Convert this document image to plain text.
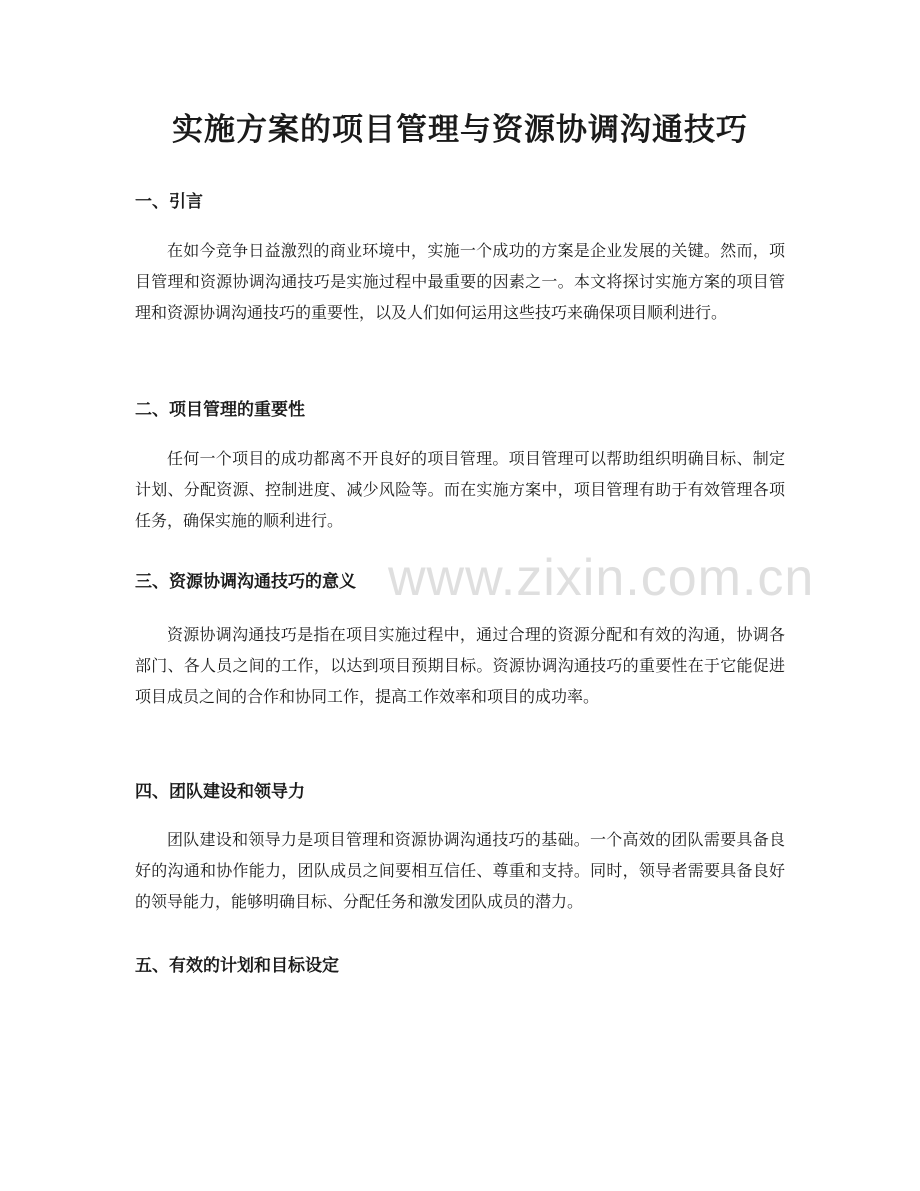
实施方案的项目管理与资源协调沟通技巧
一、引言

在如今竞争日益激烈的商业环境中，实施一个成功的方案是企业发展的关键。然而，项目管理和资源协调沟通技巧是实施过程中最重要的因素之一。本文将探讨实施方案的项目管理和资源协调沟通技巧的重要性，以及人们如何运用这些技巧来确保项目顺利进行。

二、项目管理的重要性

任何一个项目的成功都离不开良好的项目管理。项目管理可以帮助组织明确目标、制定计划、分配资源、控制进度、减少风险等。而在实施方案中，项目管理有助于有效管理各项任务，确保实施的顺利进行。

三、资源协调沟通技巧的意义

资源协调沟通技巧是指在项目实施过程中，通过合理的资源分配和有效的沟通，协调各部门、各人员之间的工作，以达到项目预期目标。资源协调沟通技巧的重要性在于它能促进项目成员之间的合作和协同工作，提高工作效率和项目的成功率。

四、团队建设和领导力

团队建设和领导力是项目管理和资源协调沟通技巧的基础。一个高效的团队需要具备良好的沟通和协作能力，团队成员之间要相互信任、尊重和支持。同时，领导者需要具备良好的领导能力，能够明确目标、分配任务和激发团队成员的潜力。

五、有效的计划和目标设定
www.zixin.com.cn
